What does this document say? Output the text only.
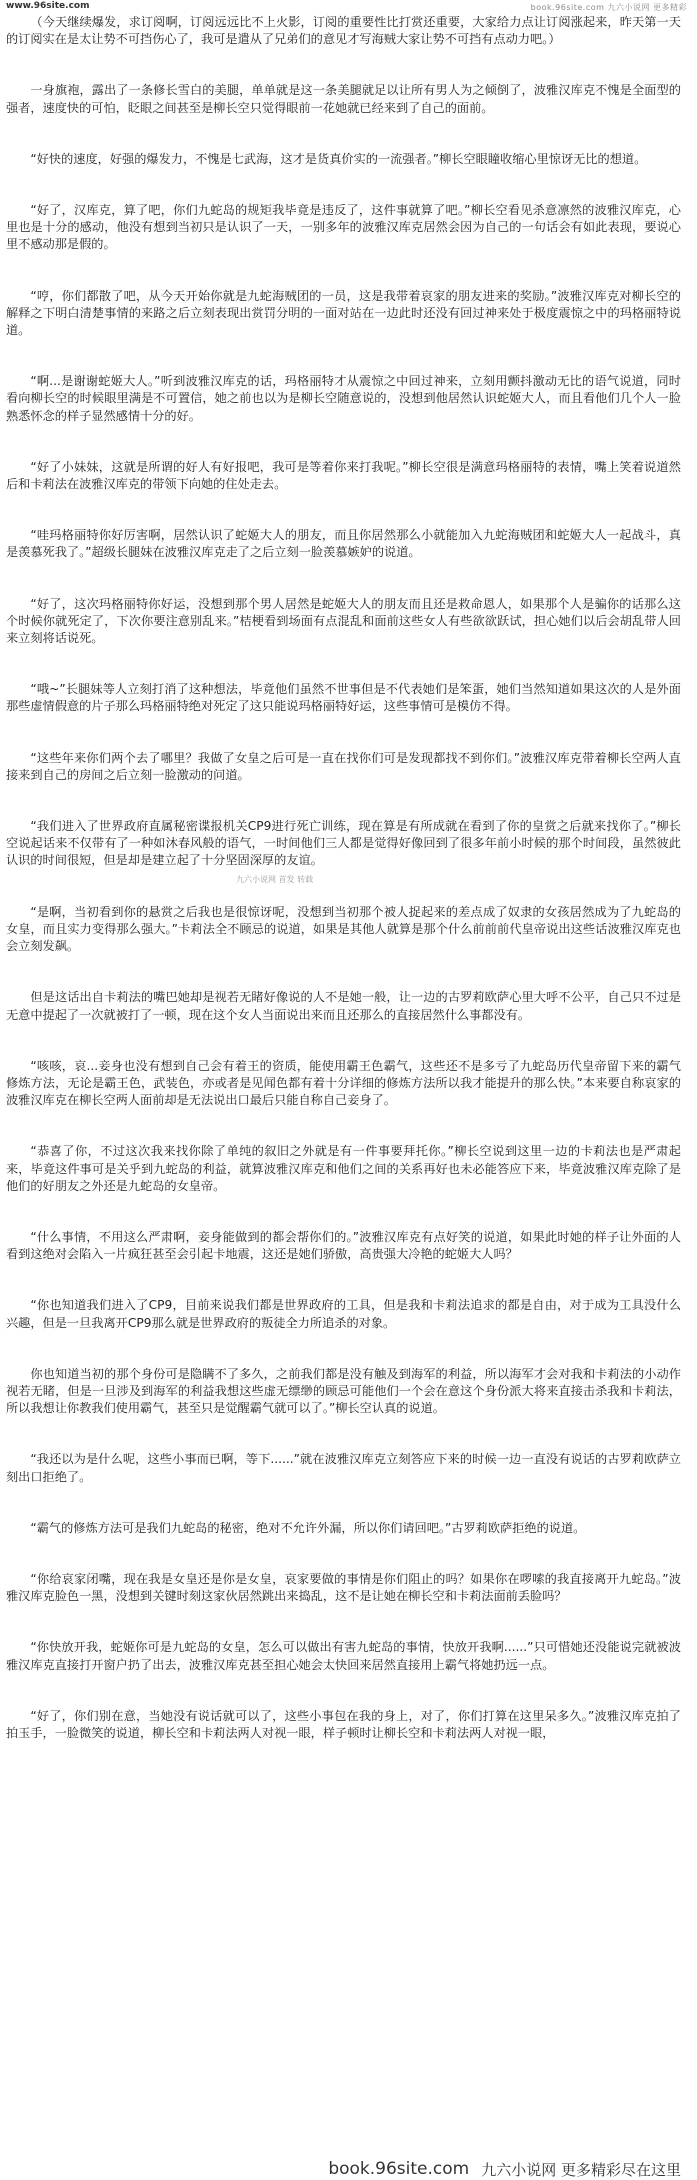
www.96site.com	book.96site.com 九六小说网 更多精彩

（今天继续爆发，求订阅啊，订阅远远比不上火影，订阅的重要性比打赏还重要，大家给力点让订阅涨起来，昨天第一天的订阅实在是太让势不可挡伤心了，我可是遣从了兄弟们的意见才写海贼大家让势不可挡有点动力吧。）

一身旗袍，露出了一条修长雪白的美腿，单单就是这一条美腿就足以让所有男人为之倾倒了，波雅汉库克不愧是全面型的强者，速度快的可怕，眨眼之间甚至是柳长空只觉得眼前一花她就已经来到了自己的面前。

“好快的速度，好强的爆发力，不愧是七武海，这才是货真价实的一流强者。”柳长空眼瞳收缩心里惊讶无比的想道。

“好了，汉库克，算了吧，你们九蛇岛的规矩我毕竟是违反了，这件事就算了吧。”柳长空看见杀意凛然的波雅汉库克，心里也是十分的感动，他没有想到当初只是认识了一天，一别多年的波雅汉库克居然会因为自己的一句话会有如此表现，要说心里不感动那是假的。

“哼，你们都散了吧，从今天开始你就是九蛇海贼团的一员，这是我带着哀家的朋友进来的奖励。”波雅汉库克对柳长空的解释之下明白清楚事情的来路之后立刻表现出赏罚分明的一面对站在一边此时还没有回过神来处于极度震惊之中的玛格丽特说道。

“啊...是谢谢蛇姬大人。”听到波雅汉库克的话，玛格丽特才从震惊之中回过神来，立刻用颤抖激动无比的语气说道，同时看向柳长空的时候眼里满是不可置信，她之前也以为是柳长空随意说的，没想到他居然认识蛇姬大人，而且看他们几个人一脸熟悉怀念的样子显然感情十分的好。

“好了小妹妹，这就是所谓的好人有好报吧，我可是等着你来打我呢。”柳长空很是满意玛格丽特的表情，嘴上笑着说道然后和卡莉法在波雅汉库克的带领下向她的住处走去。

“哇玛格丽特你好厉害啊，居然认识了蛇姬大人的朋友，而且你居然那么小就能加入九蛇海贼团和蛇姬大人一起战斗，真是羡慕死我了。”超级长腿妹在波雅汉库克走了之后立刻一脸羡慕嫉妒的说道。

“好了，这次玛格丽特你好运，没想到那个男人居然是蛇姬大人的朋友而且还是救命恩人，如果那个人是骗你的话那么这个时候你就死定了，下次你要注意别乱来。”桔梗看到场面有点混乱和面前这些女人有些欲欲跃试，担心她们以后会胡乱带人回来立刻将话说死。

“哦~”长腿妹等人立刻打消了这种想法，毕竟他们虽然不世事但是不代表她们是笨蛋，她们当然知道如果这次的人是外面那些虚情假意的片子那么玛格丽特绝对死定了这只能说玛格丽特好运，这些事情可是模仿不得。

“这些年来你们两个去了哪里？我做了女皇之后可是一直在找你们可是发现都找不到你们。”波雅汉库克带着柳长空两人直接来到自己的房间之后立刻一脸激动的问道。

“我们进入了世界政府直属秘密谍报机关CP9进行死亡训练，现在算是有所成就在看到了你的皇赏之后就来找你了。”柳长空说起话来不仅带有了一种如沐春风般的语气，一时间他们三人都是觉得好像回到了很多年前小时候的那个时间段，虽然彼此认识的时间很短，但是却是建立起了十分坚固深厚的友谊。

九六小说网 首发 转载

“是啊，当初看到你的悬赏之后我也是很惊讶呢，没想到当初那个被人捉起来的差点成了奴隶的女孩居然成为了九蛇岛的女皇，而且实力变得那么强大。”卡莉法全不顾忌的说道，如果是其他人就算是那个什么前前前代皇帝说出这些话波雅汉库克也会立刻发飙。

但是这话出自卡莉法的嘴巴她却是视若无睹好像说的人不是她一般，让一边的古罗莉欧萨心里大呼不公平，自己只不过是无意中提起了一次就被打了一顿，现在这个女人当面说出来而且还那么的直接居然什么事都没有。

“咳咳，哀...妾身也没有想到自己会有着王的资质，能使用霸王色霸气，这些还不是多亏了九蛇岛历代皇帝留下来的霸气修炼方法，无论是霸王色，武装色，亦或者是见闻色都有着十分详细的修炼方法所以我才能提升的那么快。”本来要自称哀家的波雅汉库克在柳长空两人面前却是无法说出口最后只能自称自己妾身了。

“恭喜了你，不过这次我来找你除了单纯的叙旧之外就是有一件事要拜托你。”柳长空说到这里一边的卡莉法也是严肃起来，毕竟这件事可是关乎到九蛇岛的利益，就算波雅汉库克和他们之间的关系再好也未必能答应下来，毕竟波雅汉库克除了是他们的好朋友之外还是九蛇岛的女皇帝。

“什么事情，不用这么严肃啊，妾身能做到的都会帮你们的。”波雅汉库克有点好笑的说道，如果此时她的样子让外面的人看到这绝对会陷入一片疯狂甚至会引起卡地震，这还是她们骄傲，高贵强大冷艳的蛇姬大人吗？

“你也知道我们进入了CP9，目前来说我们都是世界政府的工具，但是我和卡莉法追求的都是自由，对于成为工具没什么兴趣，但是一旦我离开CP9那么就是世界政府的叛徒全力所追杀的对象。

你也知道当初的那个身份可是隐瞒不了多久，之前我们都是没有触及到海军的利益，所以海军才会对我和卡莉法的小动作视若无睹，但是一旦涉及到海军的利益我想这些虚无缥缈的顾忌可能他们一个会在意这个身份派大将来直接击杀我和卡莉法，所以我想让你教我们使用霸气，甚至只是觉醒霸气就可以了。”柳长空认真的说道。

“我还以为是什么呢，这些小事而已啊，等下......”就在波雅汉库克立刻答应下来的时候一边一直没有说话的古罗莉欧萨立刻出口拒绝了。

“霸气的修炼方法可是我们九蛇岛的秘密，绝对不允许外漏，所以你们请回吧。”古罗莉欧萨拒绝的说道。

“你给哀家闭嘴，现在我是女皇还是你是女皇，哀家要做的事情是你们阻止的吗？如果你在啰嗦的我直接离开九蛇岛。”波雅汉库克脸色一黑，没想到关键时刻这家伙居然跳出来捣乱，这不是让她在柳长空和卡莉法面前丢脸吗？

“你快放开我，蛇姬你可是九蛇岛的女皇，怎么可以做出有害九蛇岛的事情，快放开我啊......”只可惜她还没能说完就被波雅汉库克直接打开窗户扔了出去，波雅汉库克甚至担心她会太快回来居然直接用上霸气将她扔远一点。

“好了，你们别在意，当她没有说话就可以了，这些小事包在我的身上，对了，你们打算在这里呆多久。”波雅汉库克拍了拍玉手，一脸微笑的说道，柳长空和卡莉法两人对视一眼，样子顿时让柳长空和卡莉法两人对视一眼，

book.96site.com 九六小说网 更多精彩尽在这里
